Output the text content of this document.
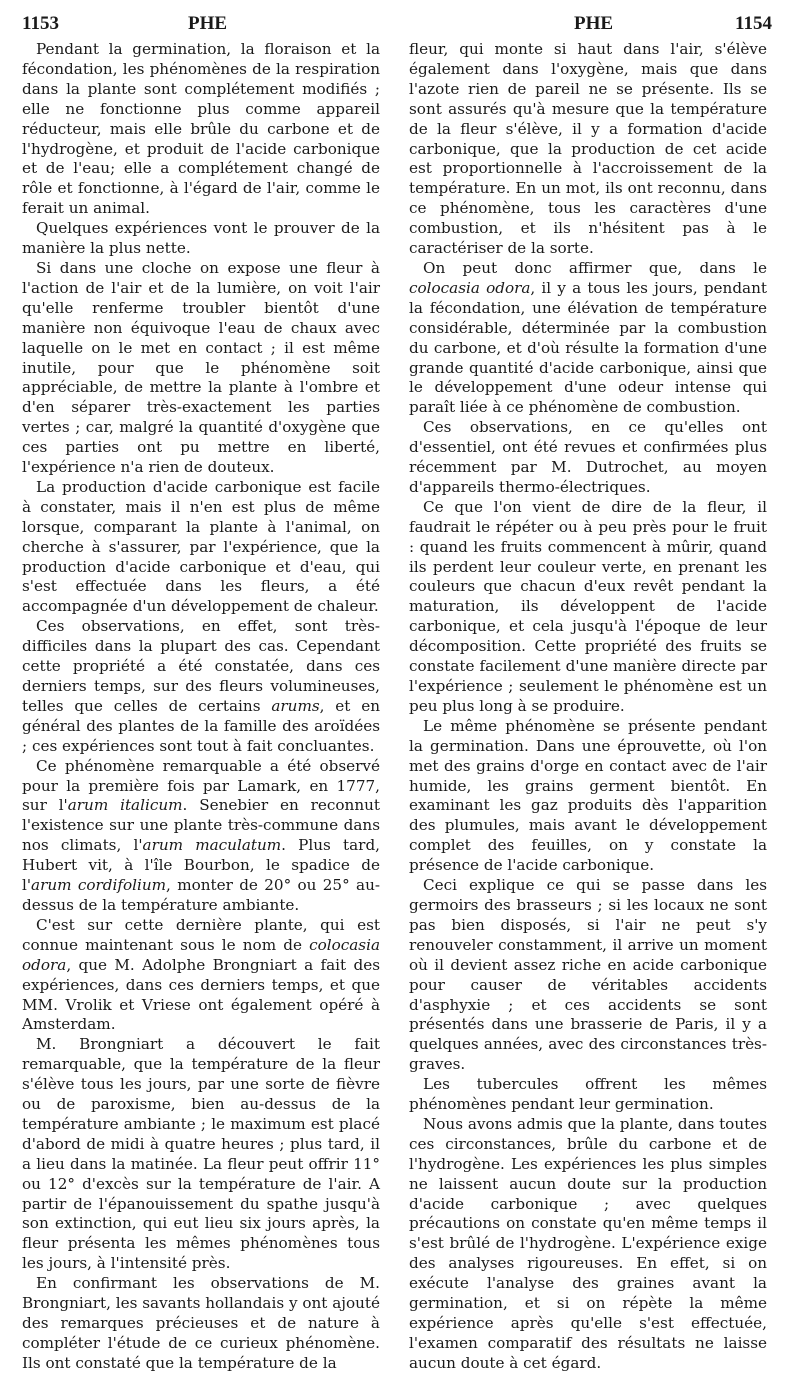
1153	PHE	PHE	1154

Pendant la germination, la floraison et la fécondation, les phénomènes de la respiration dans la plante sont complétement modifiés ; elle ne fonctionne plus comme appareil réducteur, mais elle brûle du carbone et de l'hydrogène, et produit de l'acide carbonique et de l'eau; elle a complétement changé de rôle et fonctionne, à l'égard de l'air, comme le ferait un animal.

Quelques expériences vont le prouver de la manière la plus nette.

Si dans une cloche on expose une fleur à l'action de l'air et de la lumière, on voit l'air qu'elle renferme troubler bientôt d'une manière non équivoque l'eau de chaux avec laquelle on le met en contact ; il est même inutile, pour que le phénomène soit appréciable, de mettre la plante à l'ombre et d'en séparer très-exactement les parties vertes ; car, malgré la quantité d'oxygène que ces parties ont pu mettre en liberté, l'expérience n'a rien de douteux.

La production d'acide carbonique est facile à constater, mais il n'en est plus de même lorsque, comparant la plante à l'animal, on cherche à s'assurer, par l'expérience, que la production d'acide carbonique et d'eau, qui s'est effectuée dans les fleurs, a été accompagnée d'un développement de chaleur.

Ces observations, en effet, sont très-difficiles dans la plupart des cas. Cependant cette propriété a été constatée, dans ces derniers temps, sur des fleurs volumineuses, telles que celles de certains arums, et en général des plantes de la famille des aroïdées ; ces expériences sont tout à fait concluantes.

Ce phénomène remarquable a été observé pour la première fois par Lamark, en 1777, sur l'arum italicum. Senebier en reconnut l'existence sur une plante très-commune dans nos climats, l'arum maculatum. Plus tard, Hubert vit, à l'île Bourbon, le spadice de l'arum cordifolium, monter de 20° ou 25° au-dessus de la température ambiante.

C'est sur cette dernière plante, qui est connue maintenant sous le nom de colocasia odora, que M. Adolphe Brongniart a fait des expériences, dans ces derniers temps, et que MM. Vrolik et Vriese ont également opéré à Amsterdam.

M. Brongniart a découvert le fait remarquable, que la température de la fleur s'élève tous les jours, par une sorte de fièvre ou de paroxisme, bien au-dessus de la température ambiante ; le maximum est placé d'abord de midi à quatre heures ; plus tard, il a lieu dans la matinée. La fleur peut offrir 11° ou 12° d'excès sur la température de l'air. A partir de l'épanouissement du spathe jusqu'à son extinction, qui eut lieu six jours après, la fleur présenta les mêmes phénomènes tous les jours, à l'intensité près.

En confirmant les observations de M. Brongniart, les savants hollandais y ont ajouté des remarques précieuses et de nature à compléter l'étude de ce curieux phénomène. Ils ont constaté que la température de la

fleur, qui monte si haut dans l'air, s'élève également dans l'oxygène, mais que dans l'azote rien de pareil ne se présente. Ils se sont assurés qu'à mesure que la température de la fleur s'élève, il y a formation d'acide carbonique, que la production de cet acide est proportionnelle à l'accroissement de la température. En un mot, ils ont reconnu, dans ce phénomène, tous les caractères d'une combustion, et ils n'hésitent pas à le caractériser de la sorte.

On peut donc affirmer que, dans le colocasia odora, il y a tous les jours, pendant la fécondation, une élévation de température considérable, déterminée par la combustion du carbone, et d'où résulte la formation d'une grande quantité d'acide carbonique, ainsi que le développement d'une odeur intense qui paraît liée à ce phénomène de combustion.

Ces observations, en ce qu'elles ont d'essentiel, ont été revues et confirmées plus récemment par M. Dutrochet, au moyen d'appareils thermo-électriques.

Ce que l'on vient de dire de la fleur, il faudrait le répéter ou à peu près pour le fruit : quand les fruits commencent à mûrir, quand ils perdent leur couleur verte, en prenant les couleurs que chacun d'eux revêt pendant la maturation, ils développent de l'acide carbonique, et cela jusqu'à l'époque de leur décomposition. Cette propriété des fruits se constate facilement d'une manière directe par l'expérience ; seulement le phénomène est un peu plus long à se produire.

Le même phénomène se présente pendant la germination. Dans une éprouvette, où l'on met des grains d'orge en contact avec de l'air humide, les grains germent bientôt. En examinant les gaz produits dès l'apparition des plumules, mais avant le développement complet des feuilles, on y constate la présence de l'acide carbonique.

Ceci explique ce qui se passe dans les germoirs des brasseurs ; si les locaux ne sont pas bien disposés, si l'air ne peut s'y renouveler constamment, il arrive un moment où il devient assez riche en acide carbonique pour causer de véritables accidents d'asphyxie ; et ces accidents se sont présentés dans une brasserie de Paris, il y a quelques années, avec des circonstances très-graves.

Les tubercules offrent les mêmes phénomènes pendant leur germination.

Nous avons admis que la plante, dans toutes ces circonstances, brûle du carbone et de l'hydrogène. Les expériences les plus simples ne laissent aucun doute sur la production d'acide carbonique ; avec quelques précautions on constate qu'en même temps il s'est brûlé de l'hydrogène. L'expérience exige des analyses rigoureuses. En effet, si on exécute l'analyse des graines avant la germination, et si on répète la même expérience après qu'elle s'est effectuée, l'examen comparatif des résultats ne laisse aucun doute à cet égard.
